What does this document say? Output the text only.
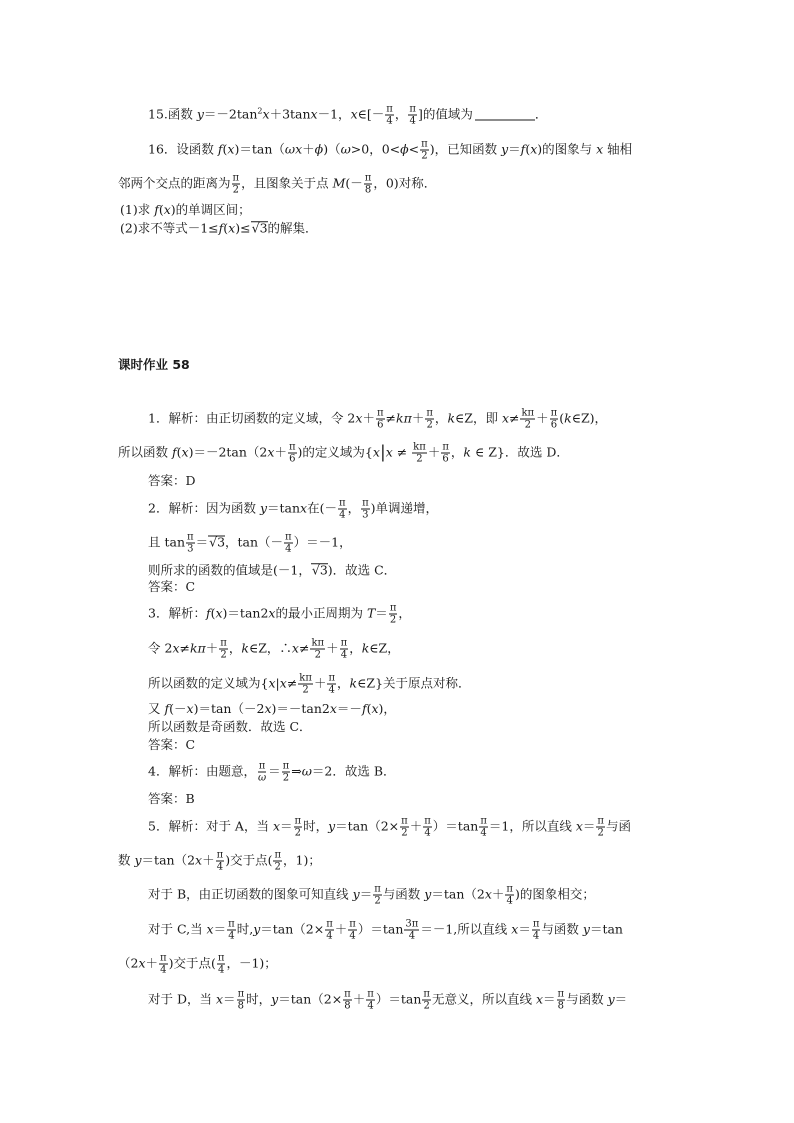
15.函数 $y=-2\tan^2x+3\tan x-1$，x∈[－ $\frac{\pi}{4}$ ， $\frac{\pi}{4}$ ]的值域为	．
16．设函数 f(x)＝tan（ωx＋ϕ)（ω>0，$0<\phi< \frac{\pi}{2}$ )，已知函数 y＝f(x)的图象与 x 轴相
邻两个交点的距离为 $\frac{\pi}{2}$ ，且图象关于点 $M(- \frac{\pi}{8}$ ，0)对称．
(1)求 f(x)的单调区间；
(2)求不等式－1≤f(x)≤√3的解集．
课时作业 58
1．解析：由正切函数的定义域，令 $2x+ \frac{\pi}{6} \ne k\pi+ \frac{\pi}{2}$ ，k∈Z，即 $x\ne \frac{k\pi}{2} + \frac{\pi}{6}$ (k∈Z)，
所以函数 $f(x)=-2\tan(2x+ \frac{\pi}{6}$ )的定义域为{$x|x \ne \frac{k\pi}{2} + \frac{\pi}{6}$ ，k ∈ Z}．故选 D．
答案：D
2．解析：因为函数 y＝tanx在(－ $\frac{\pi}{4}$ ， $\frac{\pi}{3}$ )单调递增，
且 $\tan \frac{\pi}{3} =√3$，$\tan(- \frac{\pi}{4} )=-1$，
则所求的函数的值域是(－1，√3)．故选 C．
答案：C
3．解析：f(x)＝tan2x的最小正周期为 $T= \frac{\pi}{2}$ ，
令 $2x\ne k\pi+ \frac{\pi}{2}$ ，k∈Z，∴x≠ $\frac{k\pi}{2} + \frac{\pi}{4}$ ，k∈Z，
所以函数的定义域为{$x|x\ne \frac{k\pi}{2} + \frac{\pi}{4}$ ，k∈Z}关于原点对称．
又 f(－x)＝tan（－2x)＝－tan2x＝－f(x)，
所以函数是奇函数．故选 C．
答案：C
4．解析：由题意， $\frac{\pi}{\omega} = \frac{\pi}{2}$ ⇒ω＝2．故选 B．
答案：B
5．解析：对于 A，当 $x= \frac{\pi}{2}$ 时，$y=\tan(2\times \frac{\pi}{2} + \frac{\pi}{4} )=\tan \frac{\pi}{4} =1$，所以直线 $x= \frac{\pi}{2}$ 与函
数 $y=\tan(2x+ \frac{\pi}{4}$ )交于点( $\frac{\pi}{2}$ ，1)；
对于 B，由正切函数的图象可知直线 $y= \frac{\pi}{2}$ 与函数 $y=\tan(2x+ \frac{\pi}{4}$ )的图象相交；
对于 C,当 $x= \frac{\pi}{4}$ 时$,y=\tan(2\times \frac{\pi}{4} + \frac{\pi}{4} )=\tan \frac{3\pi}{4} =-1$,所以直线 $x= \frac{\pi}{4}$ 与函数 y＝tan
（$2x+ \frac{\pi}{4}$ )交于点( $\frac{\pi}{4}$ ，－1)；
对于 D，当 $x= \frac{\pi}{8}$ 时，$y=\tan(2\times \frac{\pi}{8} + \frac{\pi}{4} )=\tan \frac{\pi}{2}$ 无意义，所以直线 $x= \frac{\pi}{8}$ 与函数 y＝
